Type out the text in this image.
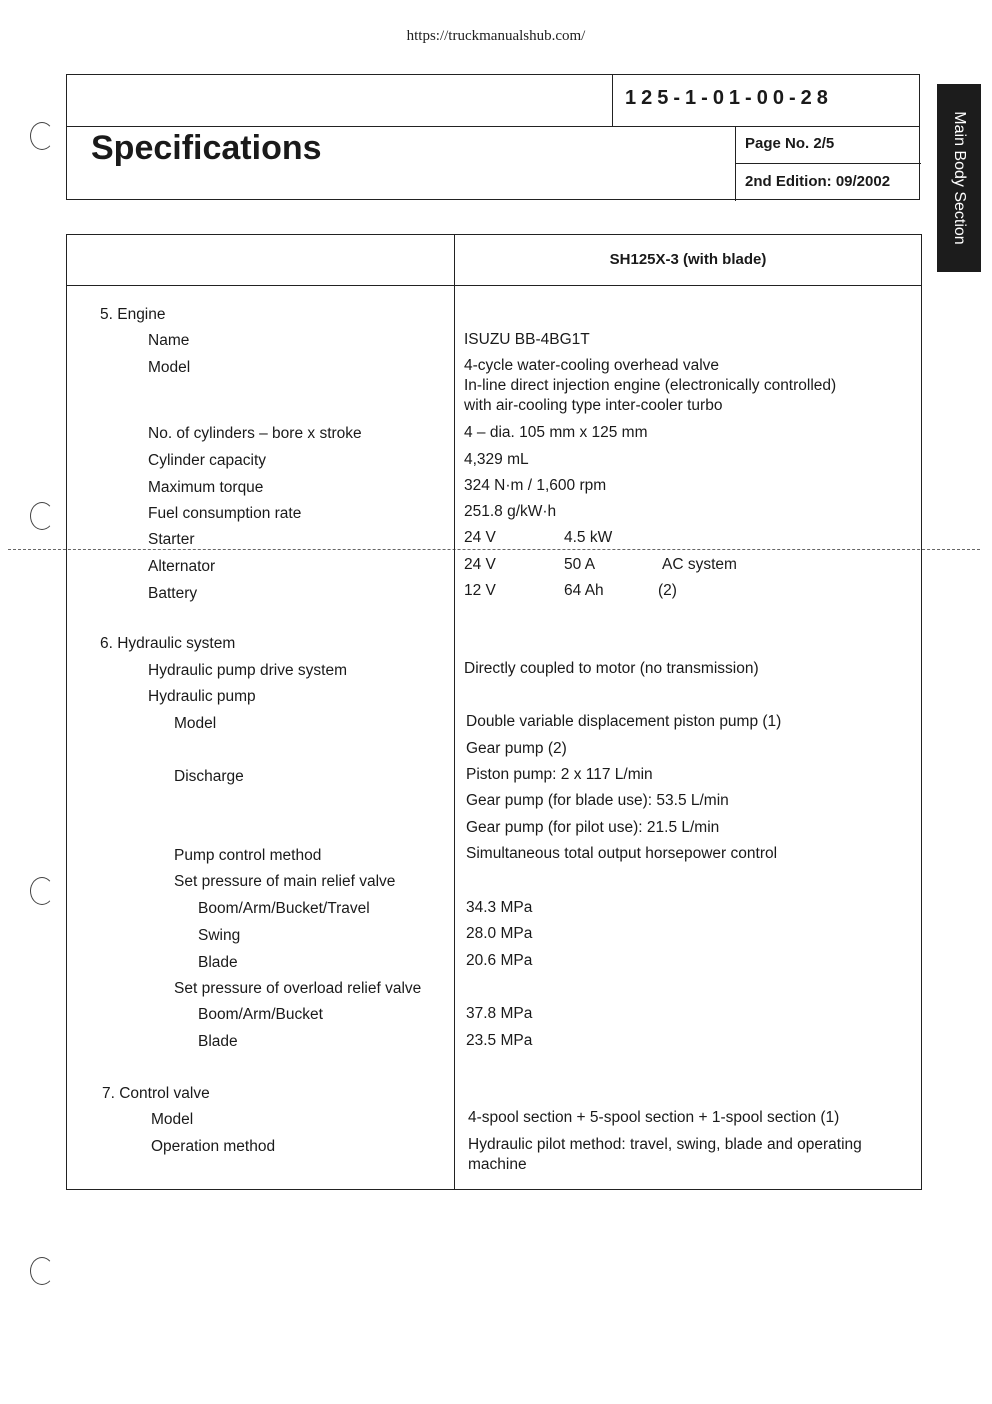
https://truckmanualshub.com/
125-1-01-00-28
Specifications	Page No. 2/5
2nd Edition: 09/2002	Main Body Section
SH125X-3 (with blade)
5. Engine
Name	ISUZU BB-4BG1T
Model	4-cycle water-cooling overhead valve
In-line direct injection engine (electronically controlled)
with air-cooling type inter-cooler turbo
No. of cylinders – bore x stroke	4 – dia. 105 mm x 125 mm
Cylinder capacity	4,329 mL
Maximum torque	324 N·m / 1,600 rpm
Fuel consumption rate	251.8 g/kW·h
Starter	24 V	4.5 kW
Alternator	24 V	50 A	AC system
Battery	12 V	64 Ah	(2)
6. Hydraulic system
Hydraulic pump drive system	Directly coupled to motor (no transmission)
Hydraulic pump
Model	Double variable displacement piston pump (1)
Gear pump (2)
Discharge	Piston pump: 2 x 117 L/min
Gear pump (for blade use): 53.5 L/min
Gear pump (for pilot use): 21.5 L/min
Pump control method	Simultaneous total output horsepower control
Set pressure of main relief valve
Boom/Arm/Bucket/Travel	34.3 MPa
Swing	28.0 MPa
Blade	20.6 MPa
Set pressure of overload relief valve
Boom/Arm/Bucket	37.8 MPa
Blade	23.5 MPa
7. Control valve
Model	4-spool section + 5-spool section + 1-spool section (1)
Operation method	Hydraulic pilot method: travel, swing, blade and operating
machine
